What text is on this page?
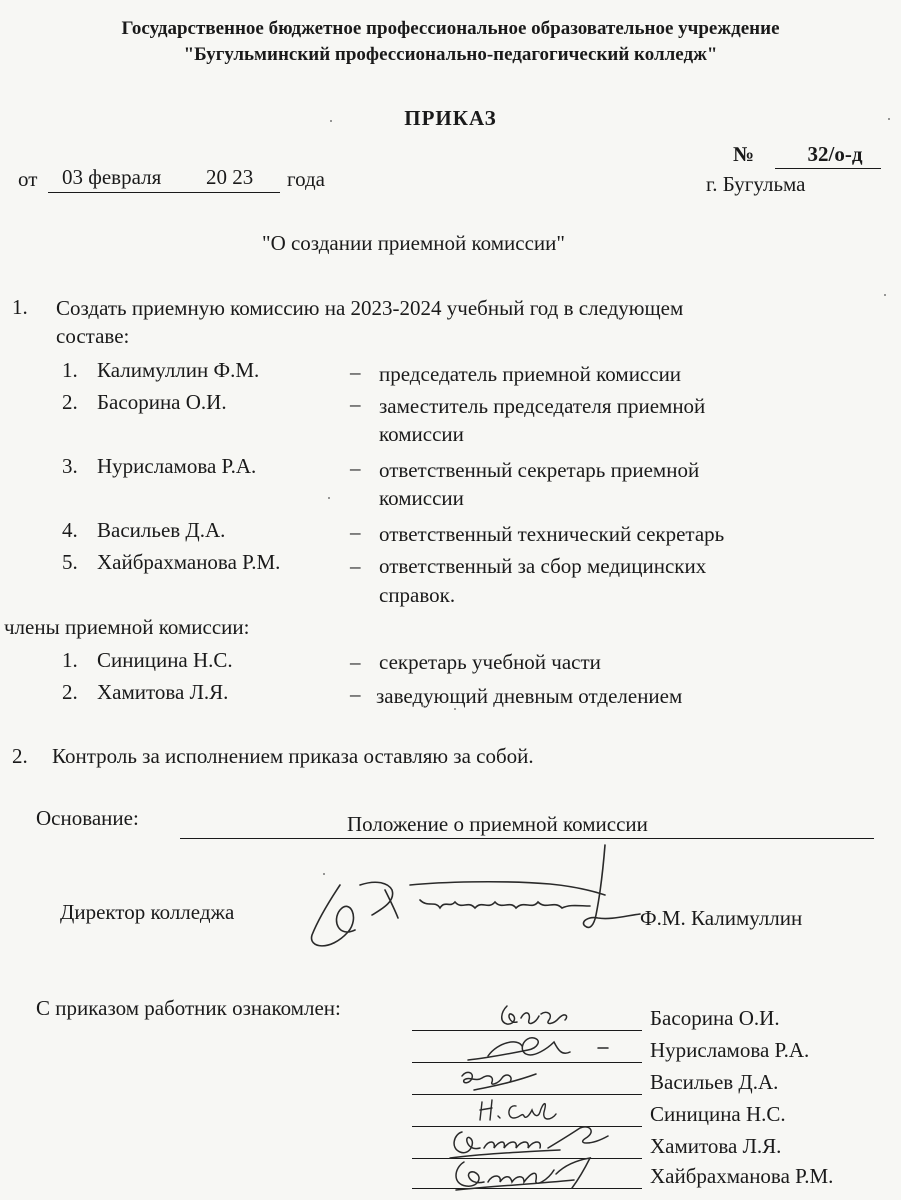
Государственное бюджетное профессиональное образовательное учреждение
"Бугульминский профессионально-педагогический колледж"
ПРИКАЗ
№	32/о-д
от 03 февраля 20 23 года	г. Бугульма
"О создании приемной комиссии"
1. Создать приемную комиссию на 2023-2024 учебный год в следующем
составе:
1. Калимуллин Ф.М.	– председатель приемной комиссии
2. Басорина О.И.	– заместитель председателя приемной
комиссии
3. Нурисламова Р.А.	– ответственный секретарь приемной
комиссии
4. Васильев Д.А.	– ответственный технический секретарь
5. Хайбрахманова Р.М.	– ответственный за сбор медицинских
справок.
члены приемной комиссии:
1. Синицина Н.С.	– секретарь учебной части
2. Хамитова Л.Я.	– заведующий дневным отделением
2. Контроль за исполнением приказа оставляю за собой.
Основание:	Положение о приемной комиссии
Директор колледжа	Ф.М. Калимуллин
С приказом работник ознакомлен:	Басорина О.И.
Нурисламова Р.А.
Васильев Д.А.
Синицина Н.С.
Хамитова Л.Я.
Хайбрахманова Р.М.
